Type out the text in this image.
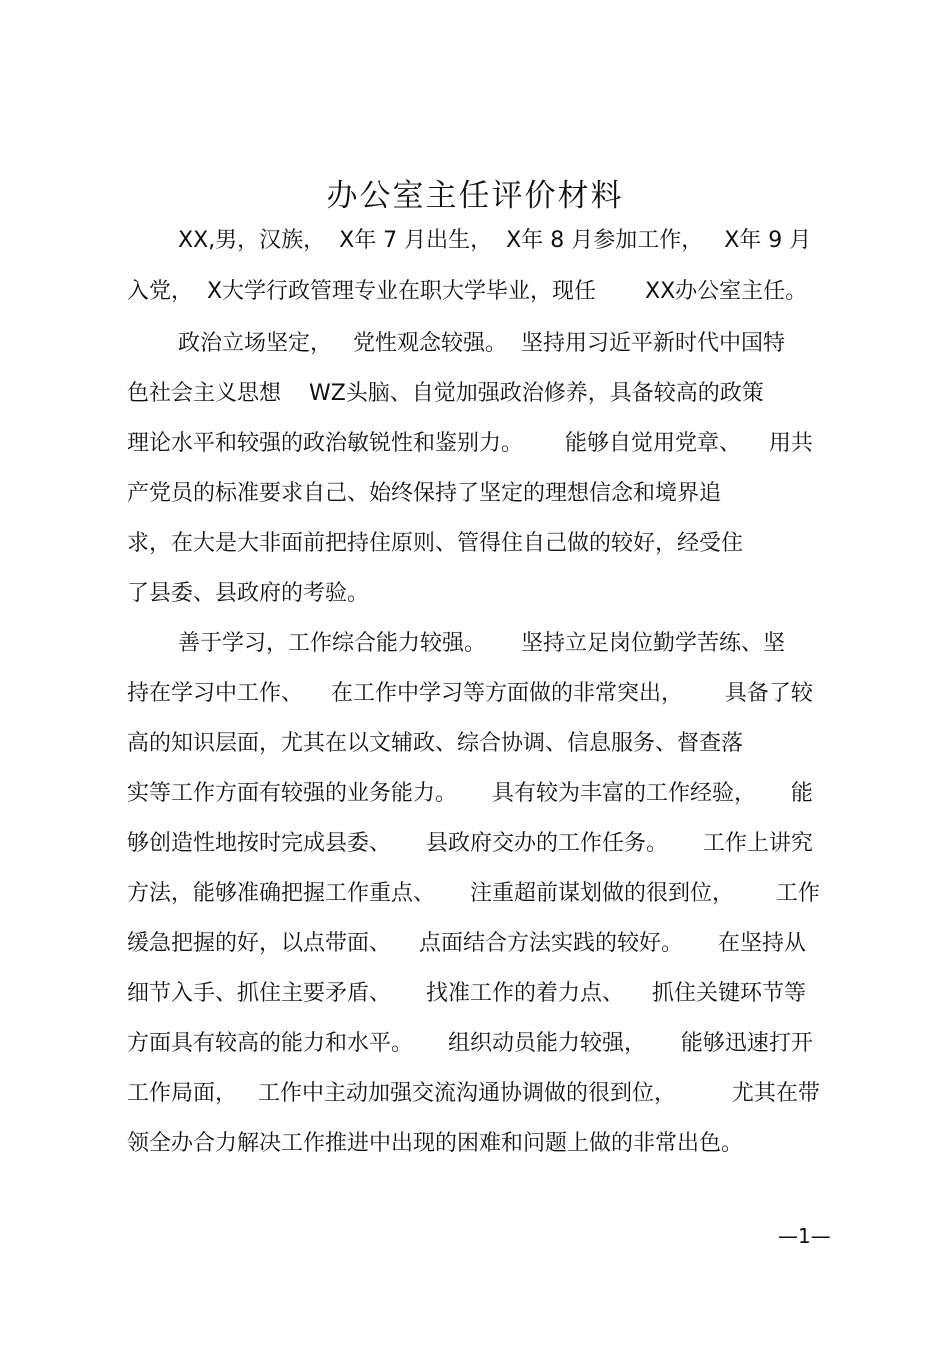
办公室主任评价材料
XX,男，汉族，  X年 7 月出生，  X年 8 月参加工作，   X年 9 月
入党，  X大学行政管理专业在职大学毕业，现任       XX办公室主任。
政治立场坚定，   党性观念较强。  坚持用习近平新时代中国特
色社会主义思想    WZ头脑、自觉加强政治修养，具备较高的政策
理论水平和较强的政治敏锐性和鉴别力。      能够自觉用党章、    用共
产党员的标准要求自己、始终保持了坚定的理想信念和境界追
求，在大是大非面前把持住原则、管得住自己做的较好，经受住
了县委、县政府的考验。
善于学习，工作综合能力较强。     坚持立足岗位勤学苦练、坚
持在学习中工作、    在工作中学习等方面做的非常突出，      具备了较
高的知识层面，尤其在以文辅政、综合协调、信息服务、督查落
实等工作方面有较强的业务能力。     具有较为丰富的工作经验，     能
够创造性地按时完成县委、     县政府交办的工作任务。     工作上讲究
方法，能够准确把握工作重点、     注重超前谋划做的很到位，      工作
缓急把握的好，以点带面、    点面结合方法实践的较好。     在坚持从
细节入手、抓住主要矛盾、     找准工作的着力点、    抓住关键环节等
方面具有较高的能力和水平。     组织动员能力较强，     能够迅速打开
工作局面，   工作中主动加强交流沟通协调做的很到位，        尤其在带
领全办合力解决工作推进中出现的困难和问题上做的非常出色。
—1—
